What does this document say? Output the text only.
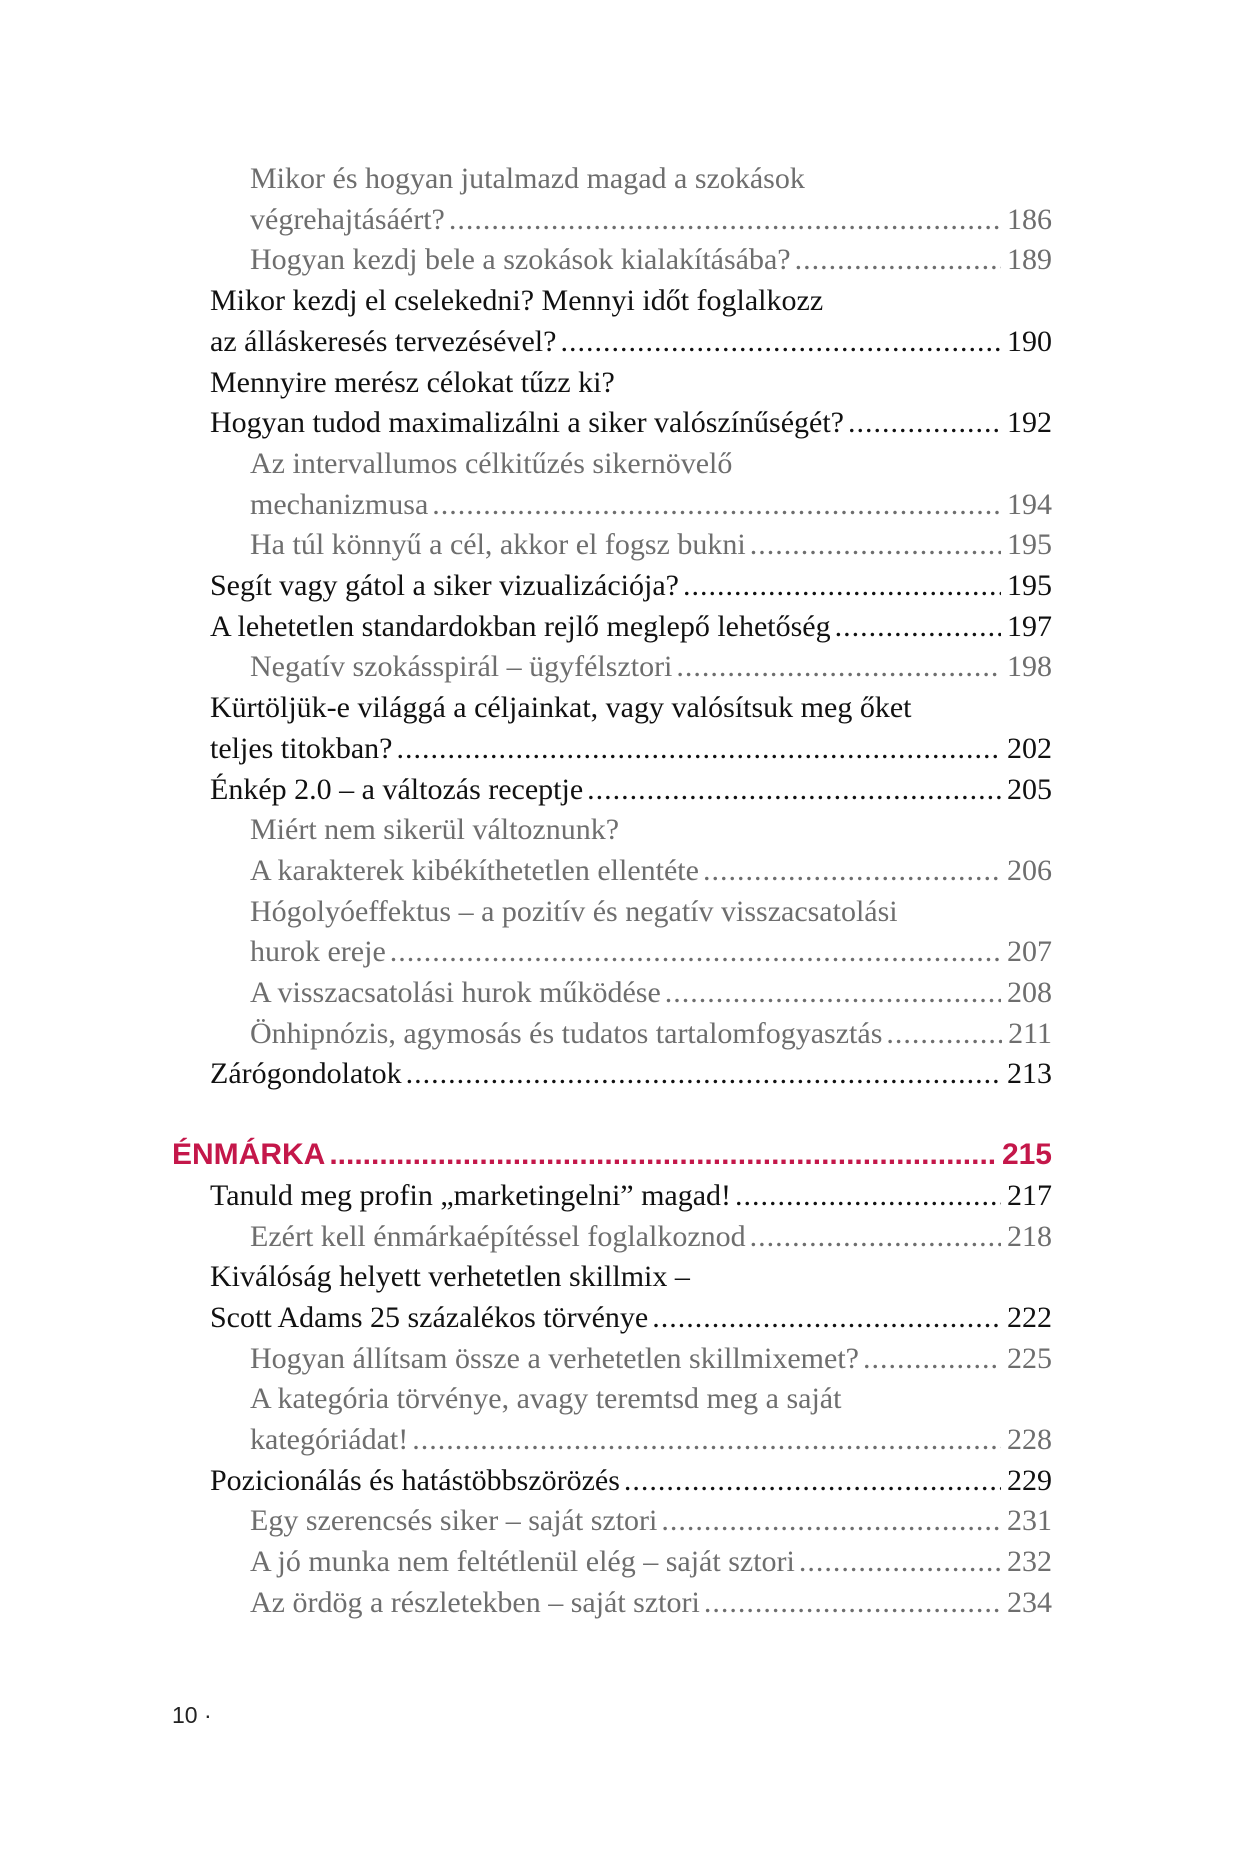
Mikor és hogyan jutalmazd magad a szokások
végrehajtásáért? .....	186
Hogyan kezdj bele a szokások kialakításába? .....	189
Mikor kezdj el cselekedni? Mennyi időt foglalkozz
az álláskeresés tervezésével? .....	190
Mennyire merész célokat tűzz ki?
Hogyan tudod maximalizálni a siker valószínűségét? .....	192
Az intervallumos célkitűzés sikernövelő
mechanizmusa .....	194
Ha túl könnyű a cél, akkor el fogsz bukni .....	195
Segít vagy gátol a siker vizualizációja? .....	195
A lehetetlen standardokban rejlő meglepő lehetőség .....	197
Negatív szokásspirál – ügyfélsztori .....	198
Kürtöljük-e világgá a céljainkat, vagy valósítsuk meg őket
teljes titokban? .....	202
Énkép 2.0 – a változás receptje .....	205
Miért nem sikerül változnunk?
A karakterek kibékíthetetlen ellentéte .....	206
Hógolyóeffektus – a pozitív és negatív visszacsatolási
hurok ereje .....	207
A visszacsatolási hurok működése .....	208
Önhipnózis, agymosás és tudatos tartalomfogyasztás .....	211
Zárógondolatok .....	213
ÉNMÁRKA .....	215
Tanuld meg profin „marketingelni” magad! .....	217
Ezért kell énmárkaépítéssel foglalkoznod .....	218
Kiválóság helyett verhetetlen skillmix –
Scott Adams 25 százalékos törvénye .....	222
Hogyan állítsam össze a verhetetlen skillmixemet? .....	225
A kategória törvénye, avagy teremtsd meg a saját
kategóriádat! .....	228
Pozicionálás és hatástöbbszörözés .....	229
Egy szerencsés siker – saját sztori .....	231
A jó munka nem feltétlenül elég – saját sztori .....	232
Az ördög a részletekben – saját sztori .....	234
10 ·
